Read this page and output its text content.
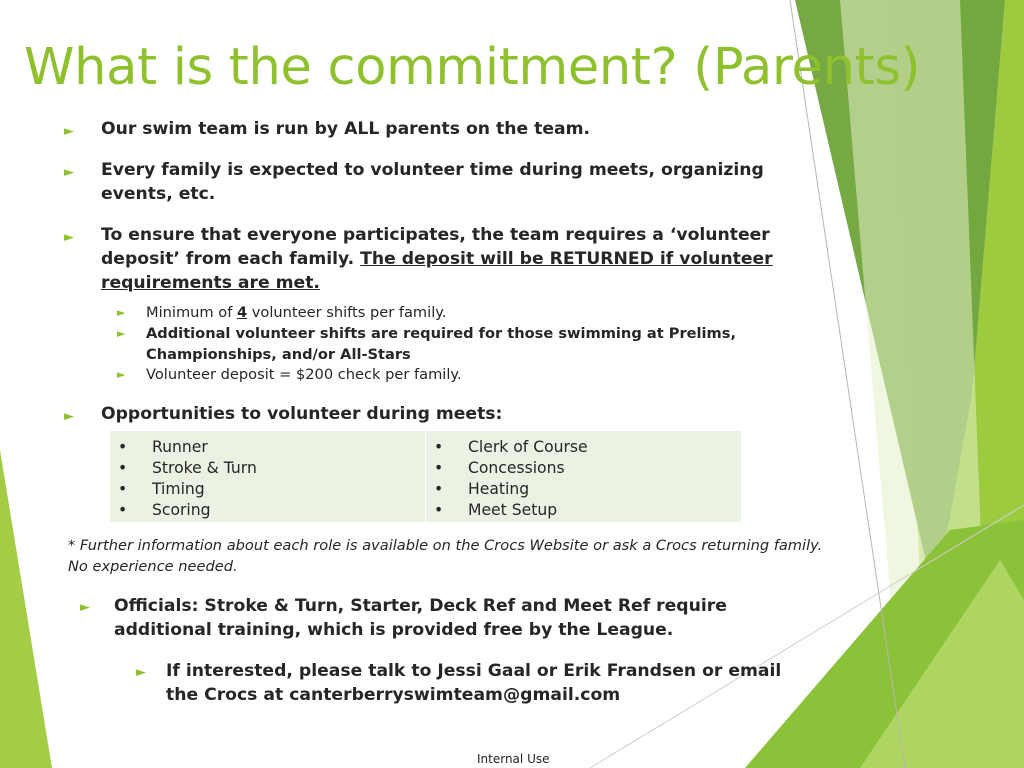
What is the commitment? (Parents)
► Our swim team is run by ALL parents on the team.
► Every family is expected to volunteer time during meets, organizing events, etc.
► To ensure that everyone participates, the team requires a ‘volunteer deposit’ from each family. The deposit will be RETURNED if volunteer requirements are met.
► Minimum of 4 volunteer shifts per family.
► Additional volunteer shifts are required for those swimming at Prelims, Championships, and/or All-Stars
► Volunteer deposit = $200 check per family.
► Opportunities to volunteer during meets:
• Runner
• Stroke & Turn
• Timing
• Scoring
• Clerk of Course
• Concessions
• Heating
• Meet Setup
* Further information about each role is available on the Crocs Website or ask a Crocs returning family. No experience needed.
► Officials: Stroke & Turn, Starter, Deck Ref and Meet Ref require additional training, which is provided free by the League.
► If interested, please talk to Jessi Gaal or Erik Frandsen or email the Crocs at canterberryswimteam@gmail.com
Internal Use
